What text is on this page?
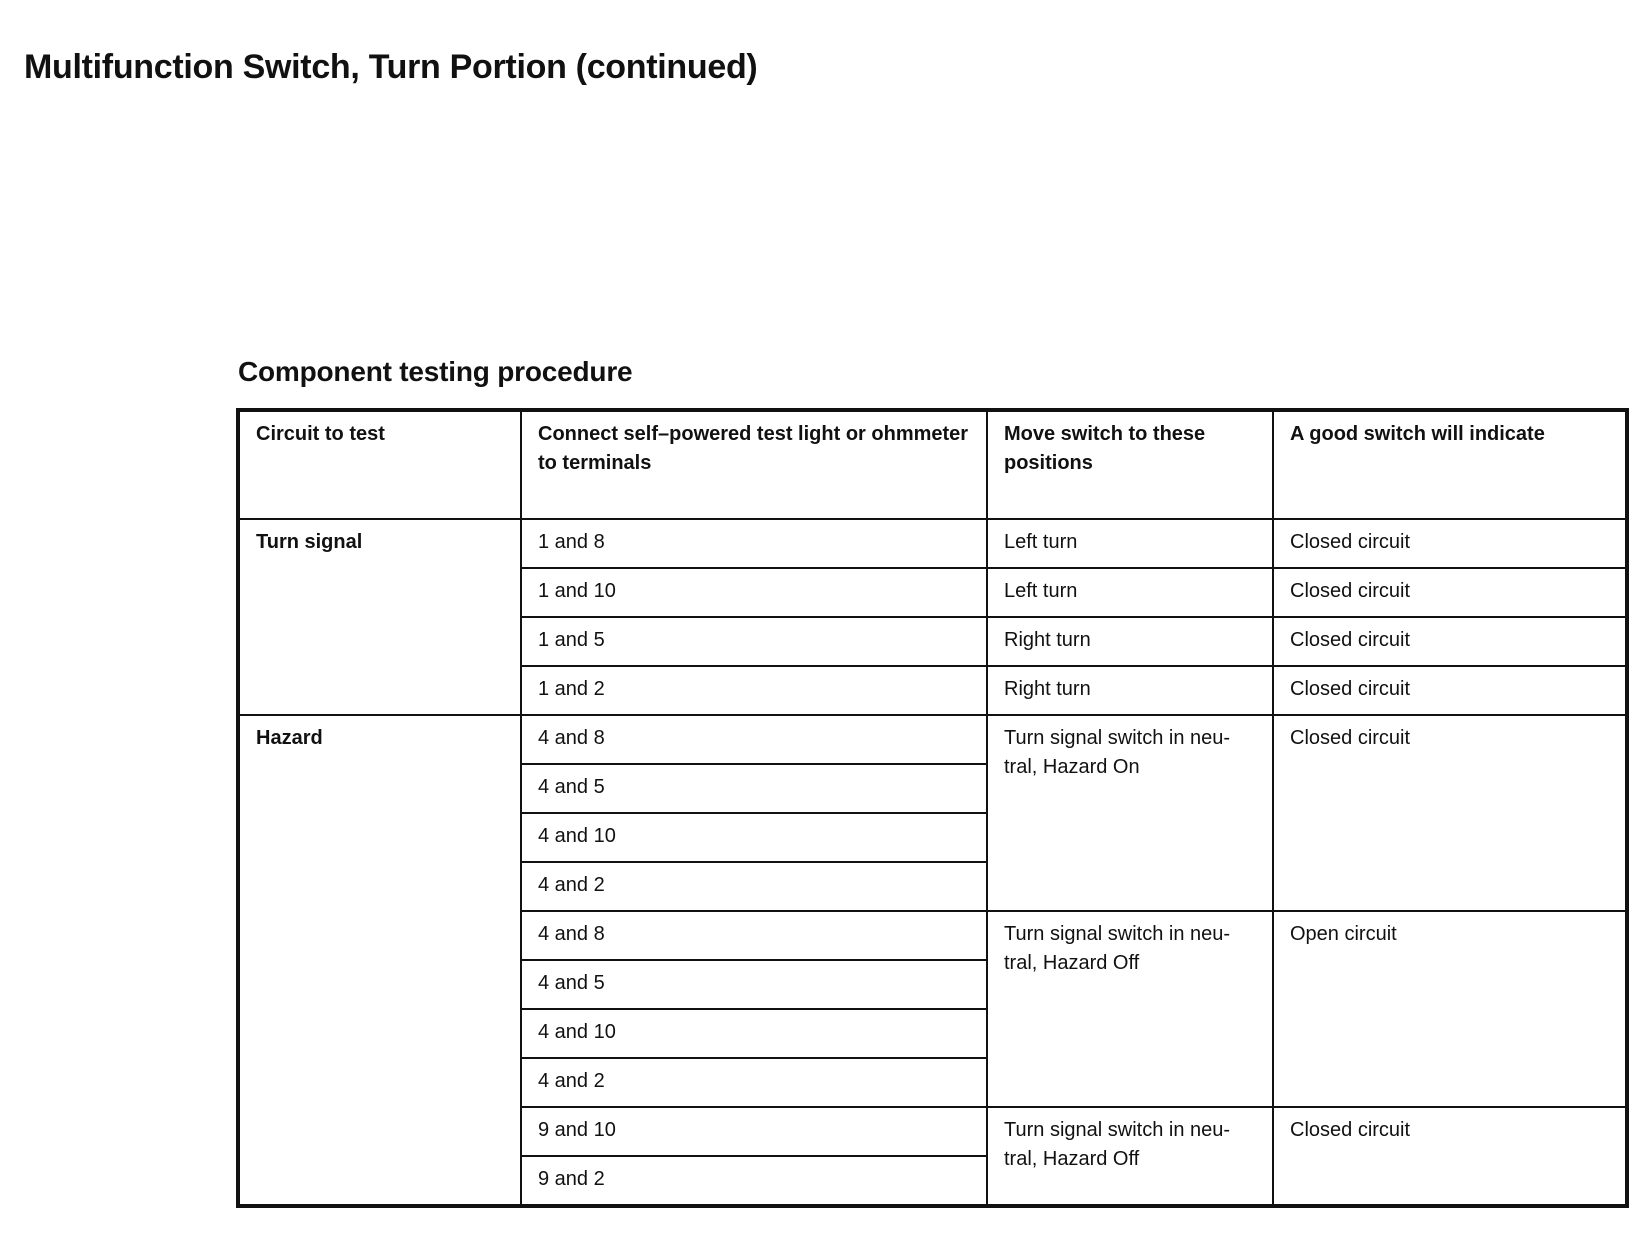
Multifunction Switch, Turn Portion (continued)
Component testing procedure
Circuit to test	Connect self–powered test light or ohmmeter to terminals	Move switch to these positions	A good switch will indicate
Turn signal	1 and 8	Left turn	Closed circuit
	1 and 10	Left turn	Closed circuit
	1 and 5	Right turn	Closed circuit
	1 and 2	Right turn	Closed circuit
Hazard	4 and 8	Turn signal switch in neu-tral, Hazard On	Closed circuit
	4 and 5		
	4 and 10		
	4 and 2		
	4 and 8	Turn signal switch in neu-tral, Hazard Off	Open circuit
	4 and 5		
	4 and 10		
	4 and 2		
	9 and 10	Turn signal switch in neu-tral, Hazard Off	Closed circuit
	9 and 2		
